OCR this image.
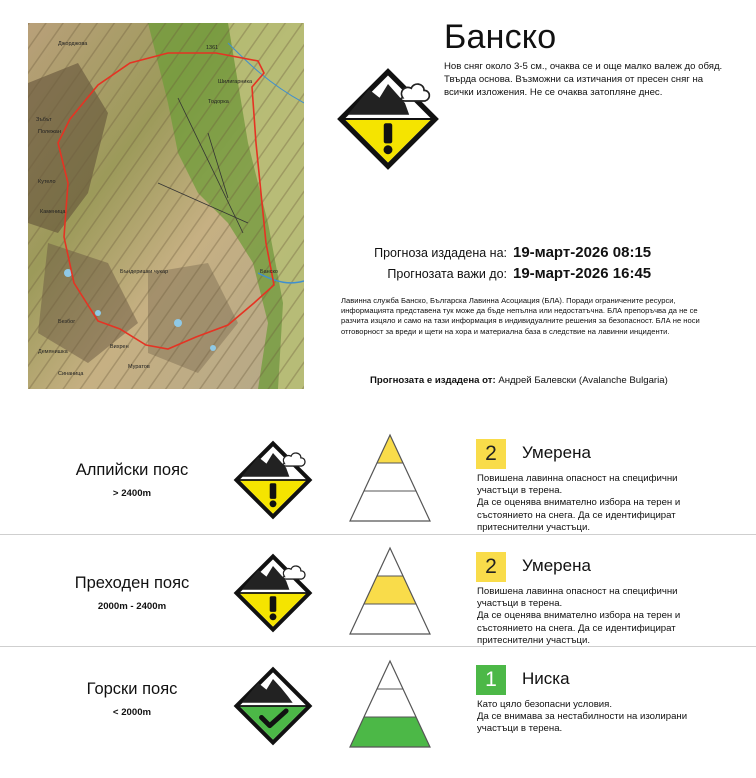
1361
Джорджова
Тодорка
Зъбът
Полежан
Бъндеришки чукар
Кутело
Каменица
Банско
Шилигарника
Безбог
Демянишка
Вихрен
Муратов
Синаница
Банско
Нов сняг около 3-5 см., очаква се и още малко валеж до обяд. Твърда основа. Възможни са изтичания от пресен сняг на всички изложения. Не се очаква затопляне днес.
Прогноза издадена на: 19-март-2026 08:15
Прогнозата важи до: 19-март-2026 16:45
Лавинна служба Банско, Българска Лавинна Асоциация (БЛА). Поради ограничените ресурси, информацията представена тук може да бъде непълна или недостатъчна. БЛА препоръчва да не се разчита изцяло и само на тази информация в индивидуалните решения за безопасност. БЛА не носи отговорност за вреди и щети на хора и материална база в следствие на лавинни инциденти.
Прогнозата е издадена от: Андрей Балевски (Avalanche Bulgaria)
Алпийски пояс
> 2400m
2	Умерена
Повишена лавинна опасност на специфични
участъци в терена.
Да се оценява внимателно избора на терен и
състоянието на снега. Да се идентифицират
притеснителни участъци.
Преходен пояс
2000m - 2400m
2	Умерена
Повишена лавинна опасност на специфични
участъци в терена.
Да се оценява внимателно избора на терен и
състоянието на снега. Да се идентифицират
притеснителни участъци.
Горски пояс
< 2000m
1	Ниска
Като цяло безопасни условия.
Да се внимава за нестабилности на изолирани
участъци в терена.
